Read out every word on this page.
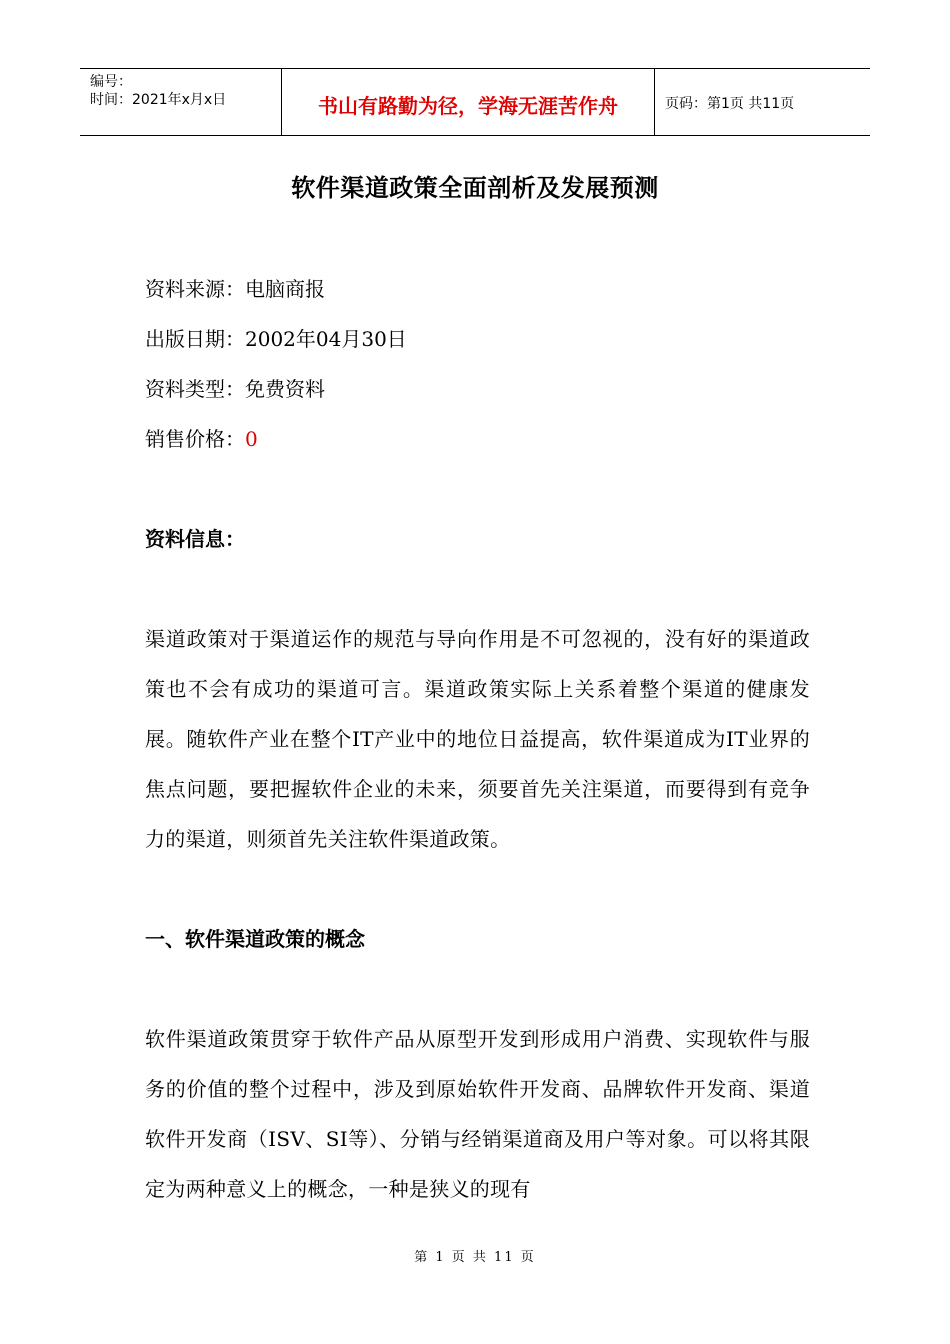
编号：
时间：2021年x月x日	书山有路勤为径，学海无涯苦作舟	页码：第1页 共11页
软件渠道政策全面剖析及发展预测
资料来源：电脑商报
出版日期：2002年04月30日
资料类型：免费资料
销售价格：0
资料信息：
渠道政策对于渠道运作的规范与导向作用是不可忽视的，没有好的渠道政策也不会有成功的渠道可言。渠道政策实际上关系着整个渠道的健康发展。随软件产业在整个IT产业中的地位日益提高，软件渠道成为IT业界的焦点问题，要把握软件企业的未来，须要首先关注渠道，而要得到有竞争力的渠道，则须首先关注软件渠道政策。
一、软件渠道政策的概念
软件渠道政策贯穿于软件产品从原型开发到形成用户消费、实现软件与服务的价值的整个过程中，涉及到原始软件开发商、品牌软件开发商、渠道软件开发商（ISV、SI等）、分销与经销渠道商及用户等对象。可以将其限定为两种意义上的概念，一种是狭义的现有
第 1 页 共 11 页
